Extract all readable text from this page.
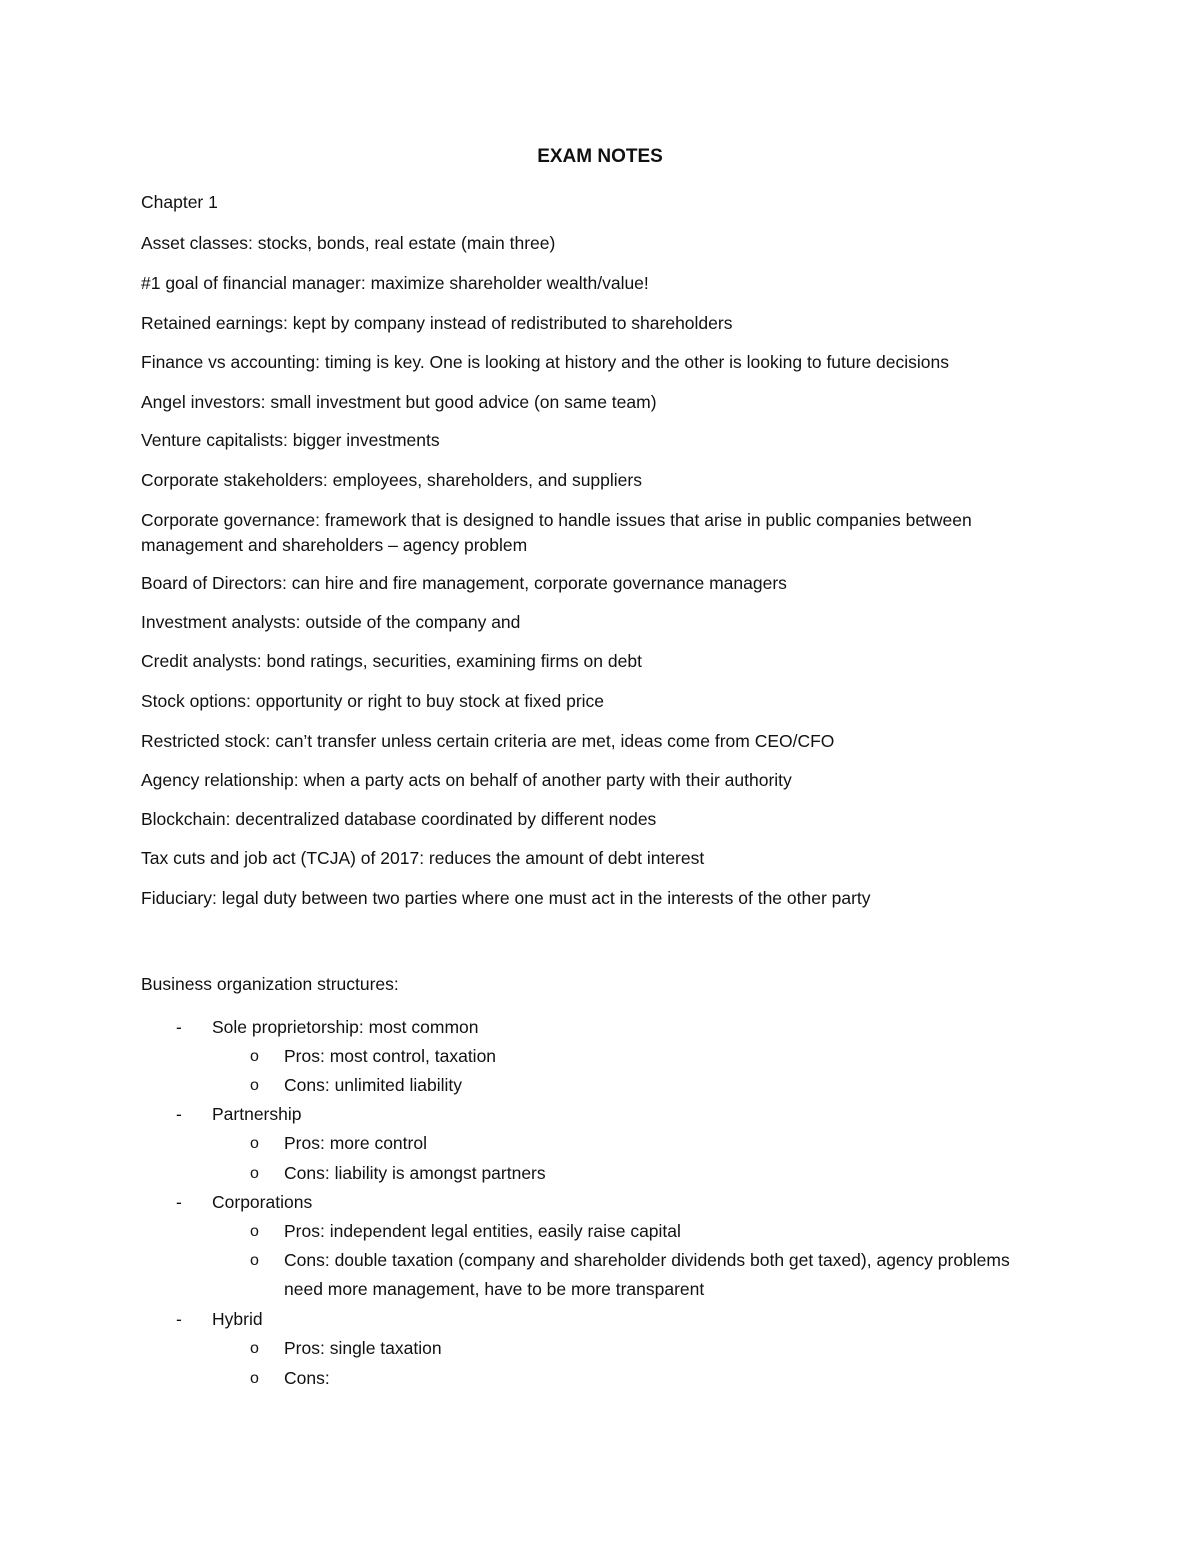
EXAM NOTES
Chapter 1
Asset classes: stocks, bonds, real estate (main three)
#1 goal of financial manager: maximize shareholder wealth/value!
Retained earnings: kept by company instead of redistributed to shareholders
Finance vs accounting: timing is key. One is looking at history and the other is looking to future decisions
Angel investors: small investment but good advice (on same team)
Venture capitalists: bigger investments
Corporate stakeholders: employees, shareholders, and suppliers
Corporate governance: framework that is designed to handle issues that arise in public companies between management and shareholders – agency problem
Board of Directors: can hire and fire management, corporate governance managers
Investment analysts: outside of the company and
Credit analysts: bond ratings, securities, examining firms on debt
Stock options: opportunity or right to buy stock at fixed price
Restricted stock: can’t transfer unless certain criteria are met, ideas come from CEO/CFO
Agency relationship: when a party acts on behalf of another party with their authority
Blockchain: decentralized database coordinated by different nodes
Tax cuts and job act (TCJA) of 2017: reduces the amount of debt interest
Fiduciary: legal duty between two parties where one must act in the interests of the other party
Business organization structures:
- Sole proprietorship: most common
o Pros: most control, taxation
o Cons: unlimited liability
- Partnership
o Pros: more control
o Cons: liability is amongst partners
- Corporations
o Pros: independent legal entities, easily raise capital
o Cons: double taxation (company and shareholder dividends both get taxed), agency problems need more management, have to be more transparent
- Hybrid
o Pros: single taxation
o Cons:
